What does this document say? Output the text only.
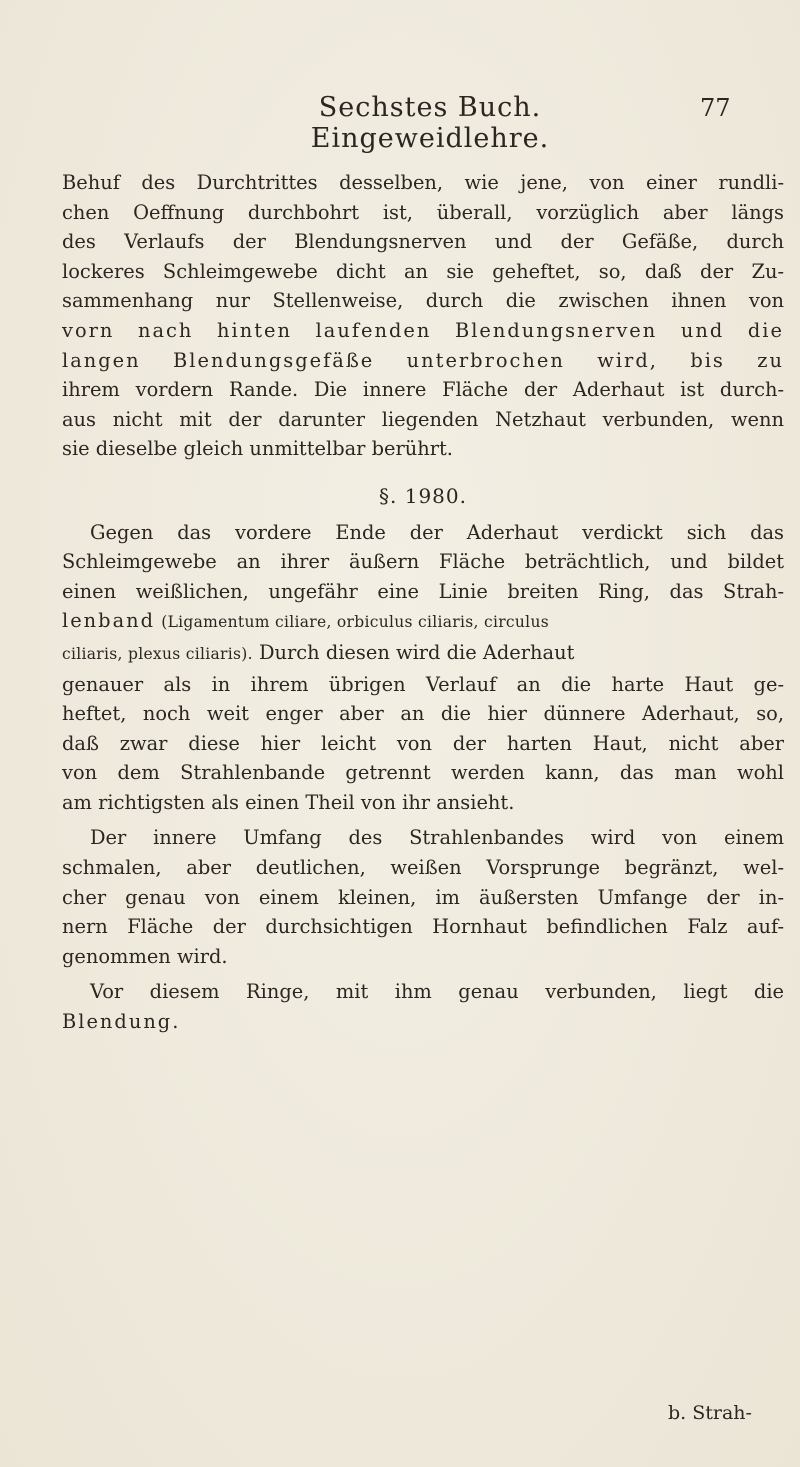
Sechstes Buch. Eingeweidlehre.
77
Behuf des Durchtrittes desselben, wie jene, von einer rundli-
chen Oeffnung durchbohrt ist, überall, vorzüglich aber längs
des Verlaufs der Blendungsnerven und der Gefäße, durch
lockeres Schleimgewebe dicht an sie geheftet, so, daß der Zu-
sammenhang nur Stellenweise, durch die zwischen ihnen von
vorn nach hinten laufenden Blendungsnerven und die
langen Blendungsgefäße unterbrochen wird, bis zu
ihrem vordern Rande. Die innere Fläche der Aderhaut ist durch-
aus nicht mit der darunter liegenden Netzhaut verbunden, wenn
sie dieselbe gleich unmittelbar berührt.
§. 1980.
Gegen das vordere Ende der Aderhaut verdickt sich das
Schleimgewebe an ihrer äußern Fläche beträchtlich, und bildet
einen weißlichen, ungefähr eine Linie breiten Ring, das Strah-
lenband (Ligamentum ciliare, orbiculus ciliaris, circulus
ciliaris, plexus ciliaris). Durch diesen wird die Aderhaut
genauer als in ihrem übrigen Verlauf an die harte Haut ge-
heftet, noch weit enger aber an die hier dünnere Aderhaut, so,
daß zwar diese hier leicht von der harten Haut, nicht aber
von dem Strahlenbande getrennt werden kann, das man wohl
am richtigsten als einen Theil von ihr ansieht.
Der innere Umfang des Strahlenbandes wird von einem
schmalen, aber deutlichen, weißen Vorsprunge begränzt, wel-
cher genau von einem kleinen, im äußersten Umfange der in-
nern Fläche der durchsichtigen Hornhaut befindlichen Falz auf-
genommen wird.
Vor diesem Ringe, mit ihm genau verbunden, liegt die
Blendung.
b. Strah-
